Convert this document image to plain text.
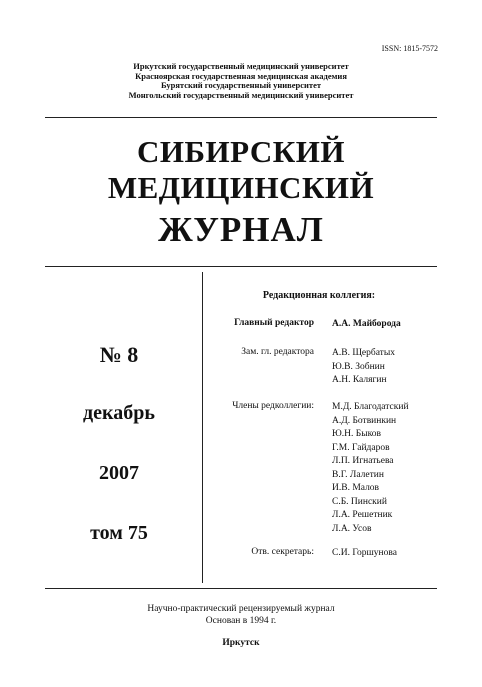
ISSN: 1815-7572
Иркутский государственный медицинский университет
Красноярская государственная медицинская академия
Бурятский государственный университет
Монгольский государственный медицинский университет
СИБИРСКИЙ
МЕДИЦИНСКИЙ
ЖУРНАЛ
№ 8
декабрь
2007
том 75
Редакционная коллегия:
Главный редактор А.А. Майборода
Зам. гл. редактора А.В. Щербатых
Ю.В. Зобнин
А.Н. Калягин
Члены редколлегии: М.Д. Благодатский
А.Д. Ботвинкин
Ю.Н. Быков
Г.М. Гайдаров
Л.П. Игнатьева
В.Г. Лалетин
И.В. Малов
С.Б. Пинский
Л.А. Решетник
Л.А. Усов
Отв. секретарь: С.И. Горшунова
Научно-практический рецензируемый журнал
Основан в 1994 г.
Иркутск
